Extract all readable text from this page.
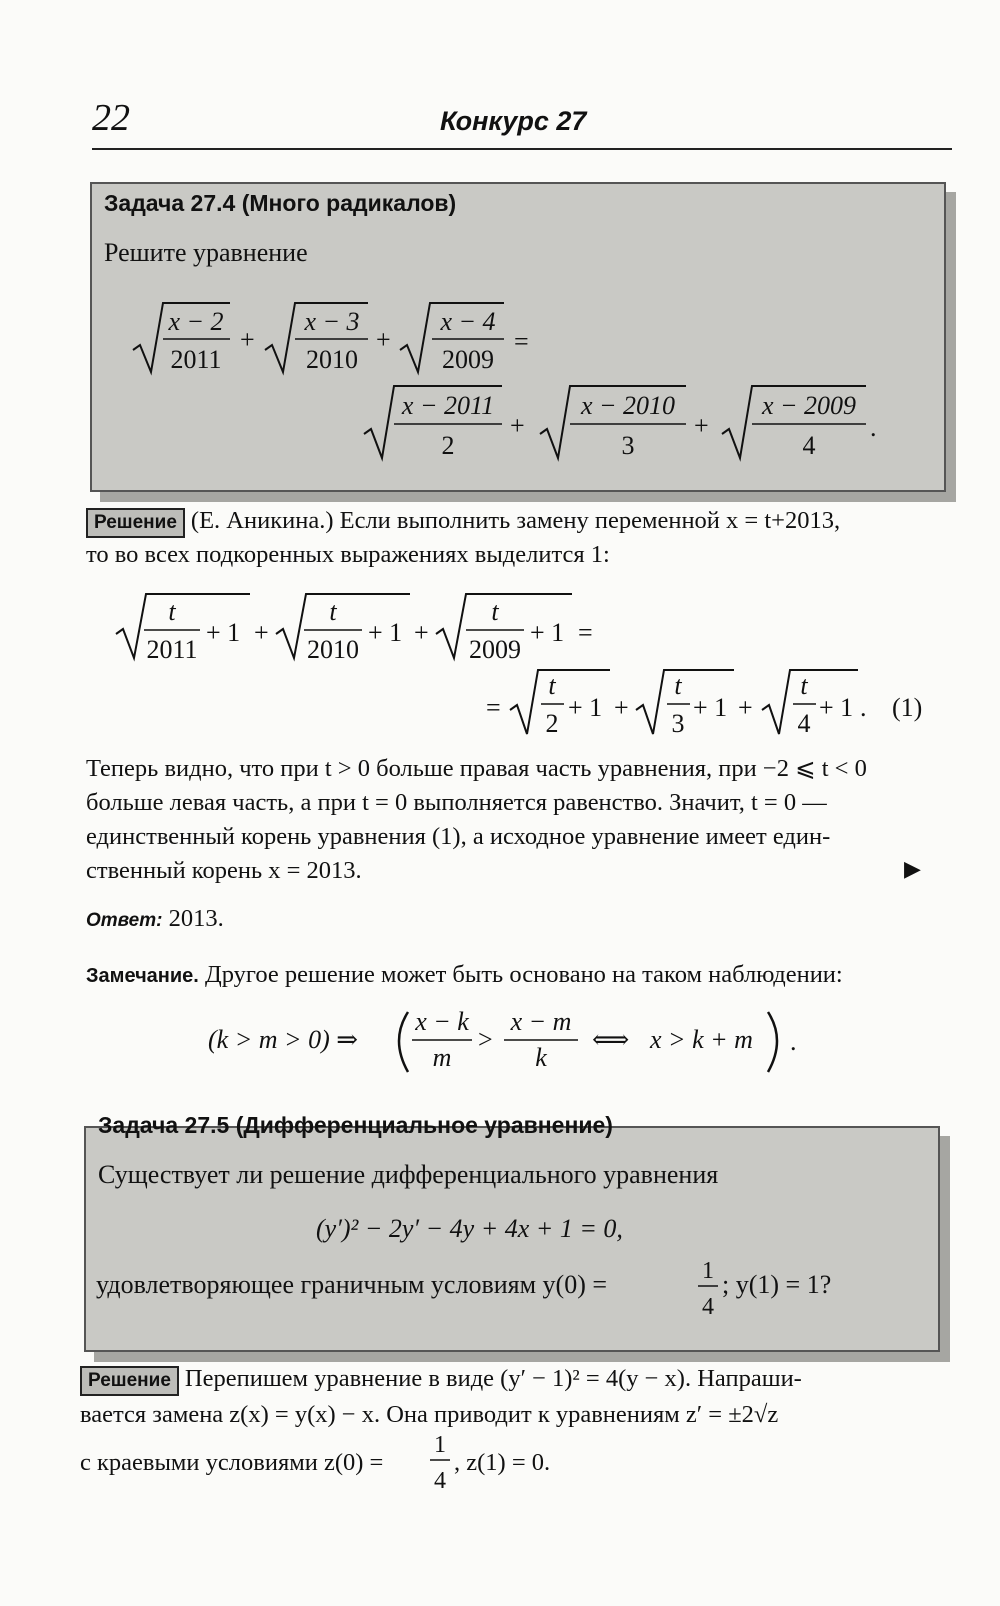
22	Конкурс 27
Задача 27.4 (Много радикалов)
Решите уравнение
x − 2
2011
+
x − 3
2010
+
x − 4
2009
=
x − 2011
2
+
x − 2010
3
+
x − 2009
4
.
Решение (Е. Аникина.) Если выполнить замену переменной x = t+2013,
то во всех подкоренных выражениях выделится 1:
t
2011
+ 1 +
t
2010
+ 1 +
t
2009
+ 1 =
=
t
2
+ 1 +
t
3
+ 1 +
t
4
+ 1 . (1)
Теперь видно, что при t > 0 больше правая часть уравнения, при −2 ⩽ t < 0
больше левая часть, а при t = 0 выполняется равенство. Значит, t = 0 —
единственный корень уравнения (1), а исходное уравнение имеет един-
ственный корень x = 2013.	▶
Ответ: 2013.
Замечание. Другое решение может быть основано на таком наблюдении:
(k > m > 0) ⇒
x − k
m
>
x − m
k
⟺ x > k + m .
Задача 27.5 (Дифференциальное уравнение)
Существует ли решение дифференциального уравнения
(y′)² − 2y′ − 4y + 4x + 1 = 0,
удовлетворяющее граничным условиям y(0) =	1
4
; y(1) = 1?
Решение Перепишем уравнение в виде (y′ − 1)² = 4(y − x). Напраши-
вается замена z(x) = y(x) − x. Она приводит к уравнениям z′ = ±2√z
с краевыми условиями z(0) =
1
4
, z(1) = 0.
